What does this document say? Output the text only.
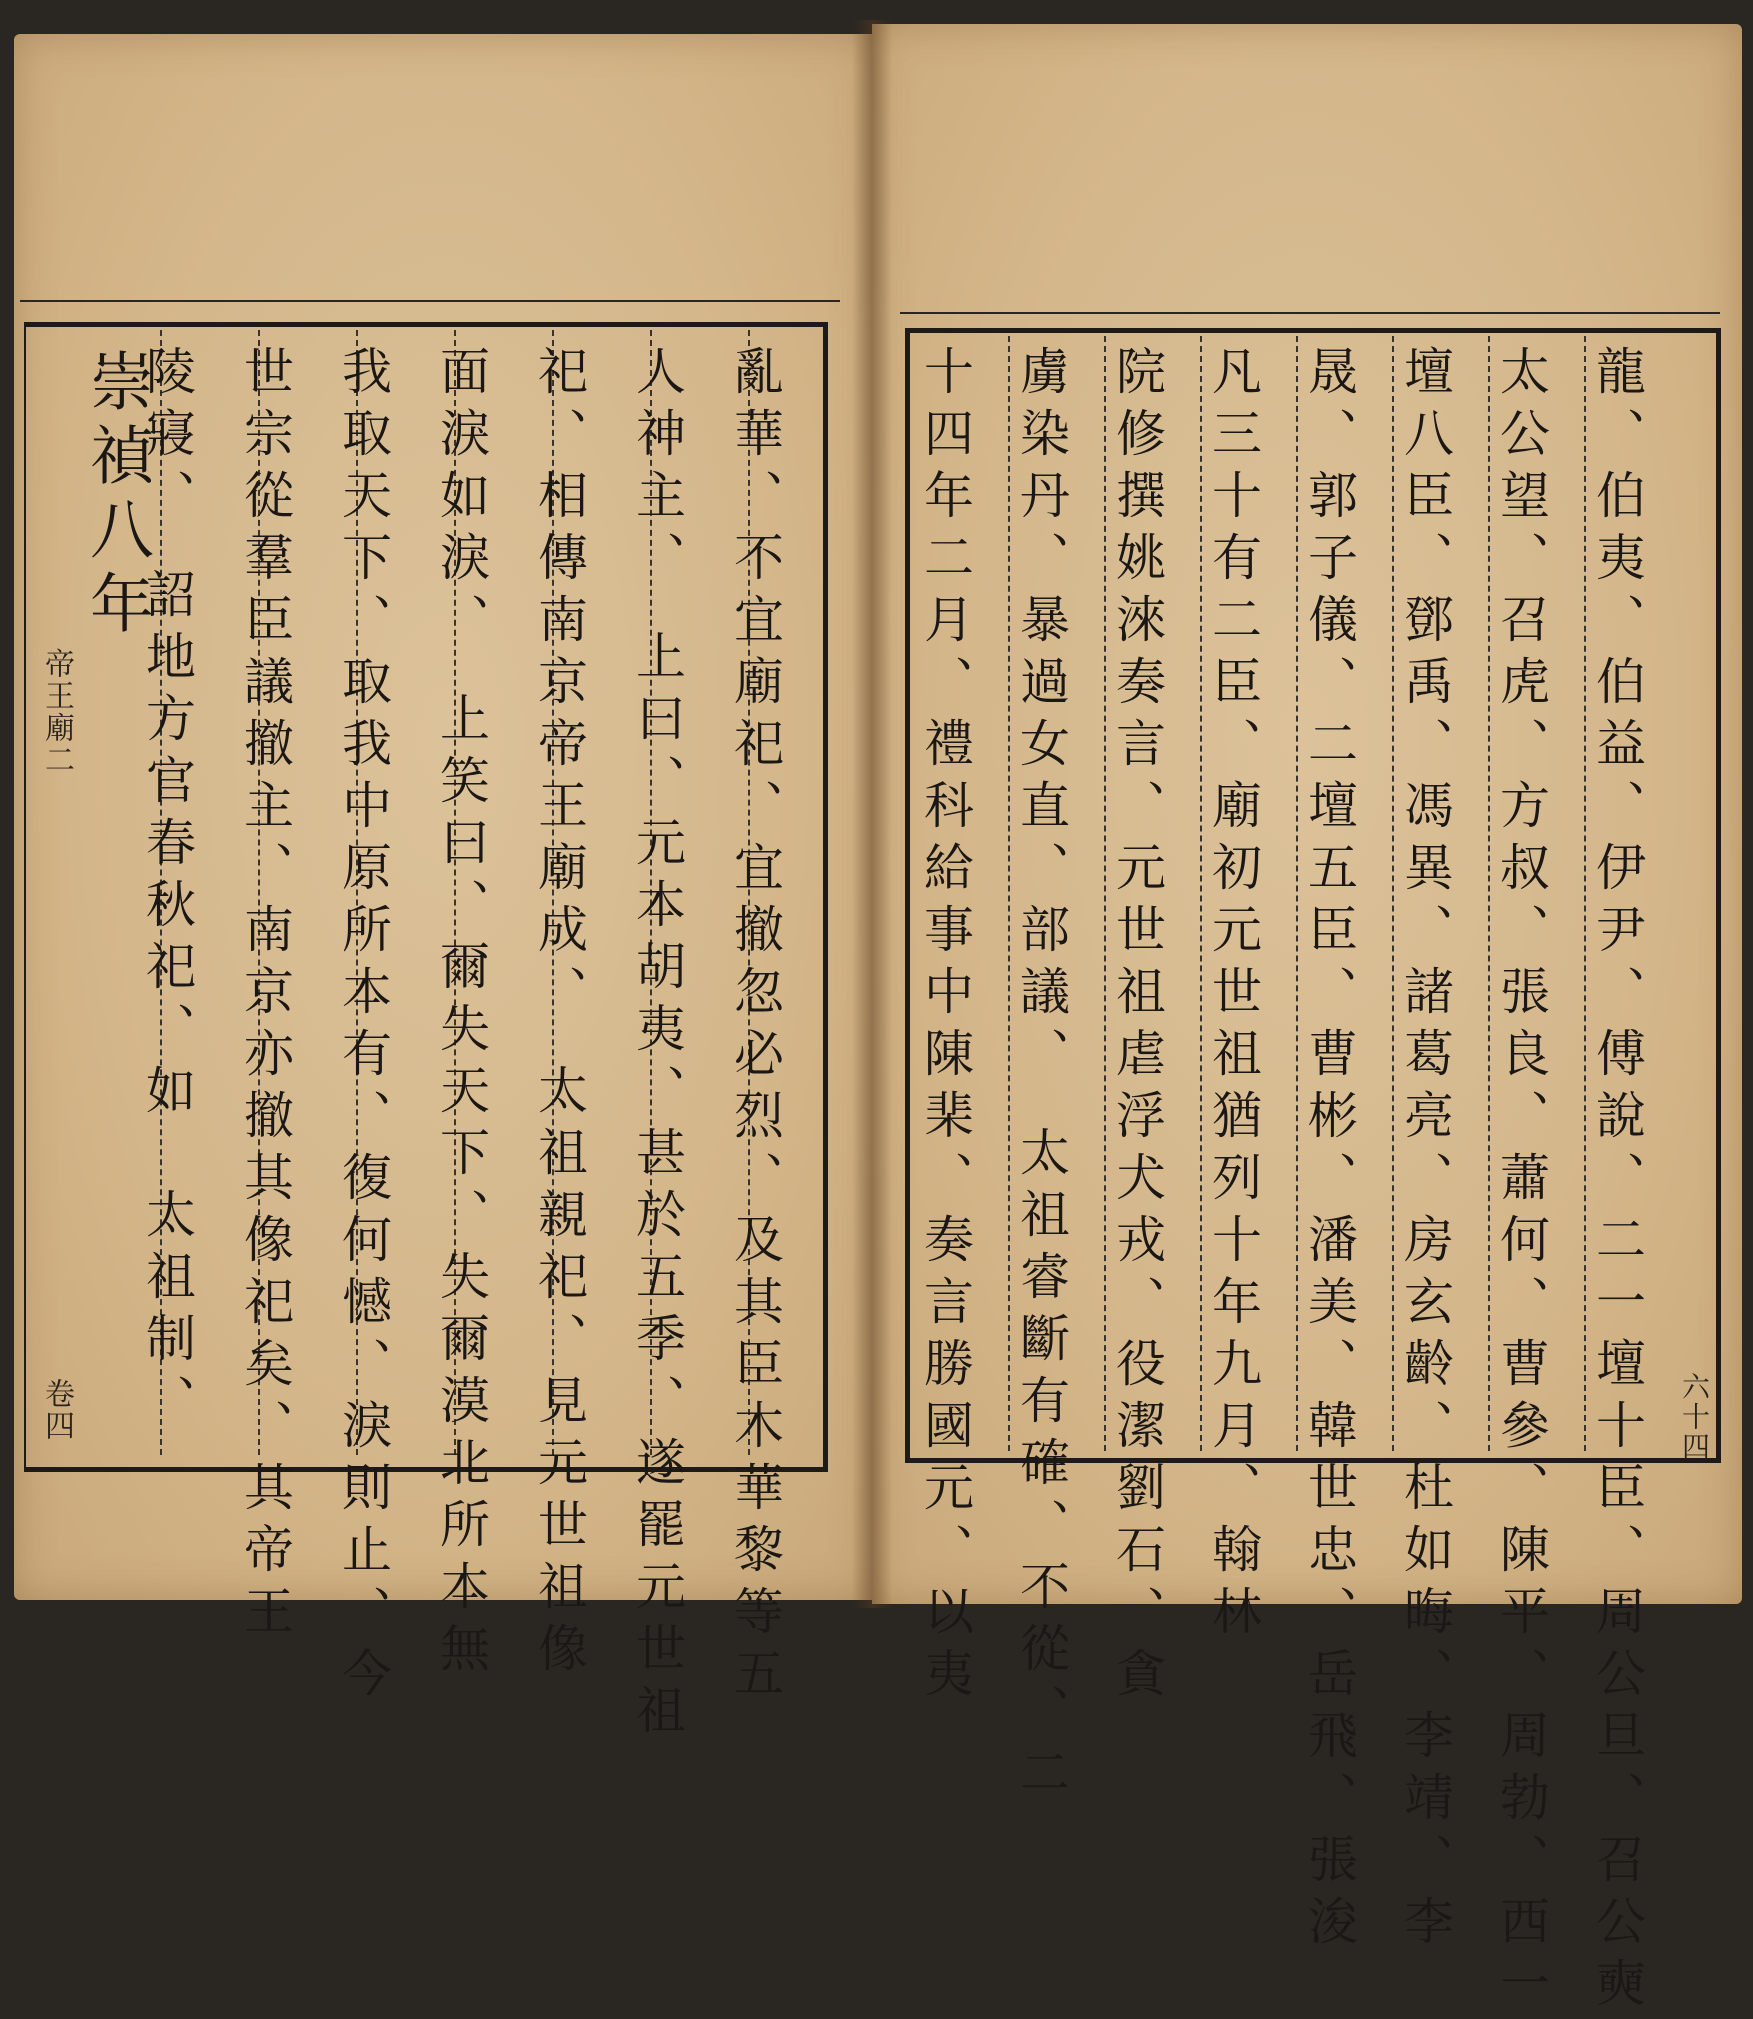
崇禎八年
帝王廟二
卷四	亂華、不宜廟祀、宜撤忽必烈、及其臣木華黎等五
人神主、　上曰、元本胡夷、甚於五季、遂罷元世祖
祀、相傳南京帝王廟成、　太祖親祀、見元世祖像
面淚如淚、　上笑曰、爾失天下、失爾漠北所本無
我取天下、取我中原所本有、復何憾、淚則止、今
世宗從羣臣議撤主、南京亦撤其像祀矣、其帝王
陵寢、　詔地方官春秋祀、如　太祖制、	龍、伯夷、伯益、伊尹、傅說、二一壇十臣、周公旦、召公奭
太公望、召虎、方叔、張良、蕭何、曹參、陳平、周勃、西一
壇八臣、鄧禹、馮異、諸葛亮、房玄齡、杜如晦、李靖、李
晟、郭子儀、二壇五臣、曹彬、潘美、韓世忠、岳飛、張浚
凡三十有二臣、廟初元世祖猶列十年九月、翰林
院修撰姚淶奏言、元世祖虐浮犬戎、役潔劉石、貪
虜染丹、暴過女直、部議、　太祖睿斷有確、不從、二
十四年二月、禮科給事中陳棐、奏言勝國元、以夷	六十四
